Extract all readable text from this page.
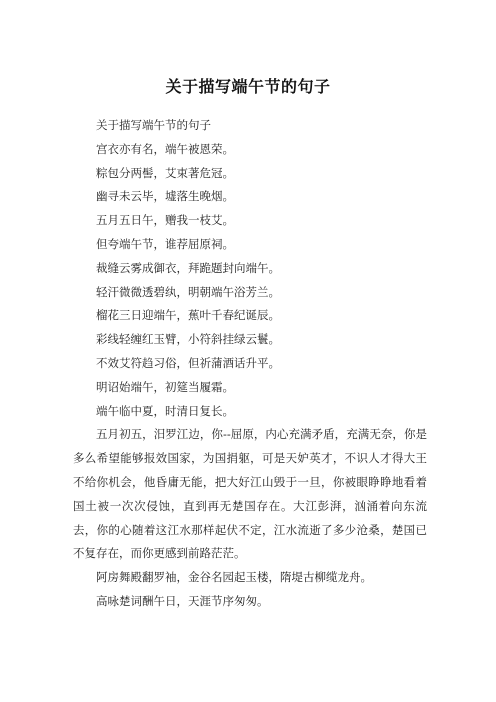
关于描写端午节的句子
关于描写端午节的句子
宫衣亦有名，端午被恩荣。
粽包分两髻，艾束著危冠。
幽寻未云毕，墟落生晚烟。
五月五日午，赠我一枝艾。
但夸端午节，谁荐屈原祠。
裁缝云雾成御衣，拜跪题封向端午。
轻汗微微透碧纨，明朝端午浴芳兰。
榴花三日迎端午，蕉叶千春纪诞辰。
彩线轻缠红玉臂，小符斜挂绿云鬟。
不效艾符趋习俗，但祈蒲酒话升平。
明诏始端午，初筵当履霜。
端午临中夏，时清日复长。

五月初五，汨罗江边，你--屈原，内心充满矛盾，充满无奈，你是多么希望能够报效国家，为国捐躯，可是天妒英才，不识人才得大王不给你机会，他昏庸无能，把大好江山毁于一旦，你被眼睁睁地看着国土被一次次侵蚀，直到再无楚国存在。大江彭湃，汹涌着向东流去，你的心随着这江水那样起伏不定，江水流逝了多少沧桑，楚国已不复存在，而你更感到前路茫茫。

阿房舞殿翻罗袖，金谷名园起玉楼，隋堤古柳缆龙舟。
高咏楚词酬午日，天涯节序匆匆。
